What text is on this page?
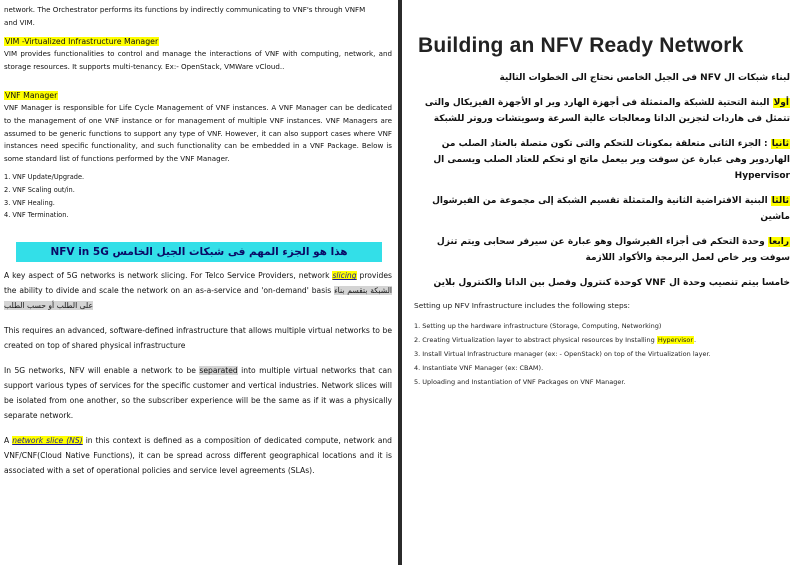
network. The Orchestrator performs its functions by indirectly communicating to VNF's through VNFM

and VIM.

VIM -Virtualized Infrastructure Manager

VIM provides functionalities to control and manage the interactions of VNF with computing, network, and storage resources. It supports multi-tenancy. Ex:- OpenStack, VMWare vCloud..

VNF Manager

VNF Manager is responsible for Life Cycle Management of VNF instances. A VNF Manager can be dedicated to the management of one VNF instance or for management of multiple VNF instances. VNF Managers are assumed to be generic functions to support any type of VNF. However, it can also support cases where VNF instances need specific functionality, and such functionality can be embedded in a VNF Package. Below is some standard list of functions performed by the VNF Manager.

1. VNF Update/Upgrade.
2. VNF Scaling out/in.
3. VNF Healing.
4. VNF Termination.
هذا هو الجزء المهم فى شبكات الجيل الخامس NFV in 5G

A key aspect of 5G networks is network slicing. For Telco Service Providers, network slicing provides the ability to divide and scale the network on an as-a-service and 'on-demand' basis الشبكة بتقسم بناء على الطلب أو حسب الطلب

This requires an advanced, software-defined infrastructure that allows multiple virtual networks to be created on top of shared physical infrastructure

In 5G networks, NFV will enable a network to be separated into multiple virtual networks that can support various types of services for the specific customer and vertical industries. Network slices will be isolated from one another, so the subscriber experience will be the same as if it was a physically separate network.

A network slice (NS) in this context is defined as a composition of dedicated compute, network and VNF/CNF(Cloud Native Functions), it can be spread across different geographical locations and it is associated with a set of operational policies and service level agreements (SLAs).

Building an NFV Ready Network

لبناء شبكات ال NFV فى الجيل الخامس نحتاج الى الخطوات التالية

أولا البنة التحتية للشبكة والمتمثلة فى أجهزة الهارد وير او الأجهزة الفيزيكال والتى تتمثل فى هاردات لتجزين الداتا ومعالجات عالية السرعة وسويتشات وروتر للشبكة

ثانيا : الجزء الثانى متعلقة بمكونات للتحكم والتى تكون متصلة بالعتاد الصلب من الهاردوير وهى عبارة عن سوفت وير بيعمل ماتج او تحكم للعتاد الصلب ويسمى ال Hypervisor

ثالثا البنية الافتراضية الثانية والمتمثلة تقسيم الشبكة إلى مجموعة من الفيرشوال ماشين

رابعا وحدة التحكم فى أجزاء الفيرشوال وهو عبارة عن سيرفر سحابى ويتم تنزل سوفت وير خاص لعمل البرمجة والأكواد اللازمة

خامسا بيتم تنصيب وحدة ال VNF كوحدة كنترول وفصل بين الداتا والكنترول بلاين

Setting up NFV Infrastructure includes the following steps:

1. Setting up the hardware infrastructure (Storage, Computing, Networking)
2. Creating Virtualization layer to abstract physical resources by Installing Hypervisor.
3. Install Virtual Infrastructure manager (ex: - OpenStack) on top of the Virtualization layer.
4. Instantiate VNF Manager (ex: CBAM).
5. Uploading and Instantiation of VNF Packages on VNF Manager.
